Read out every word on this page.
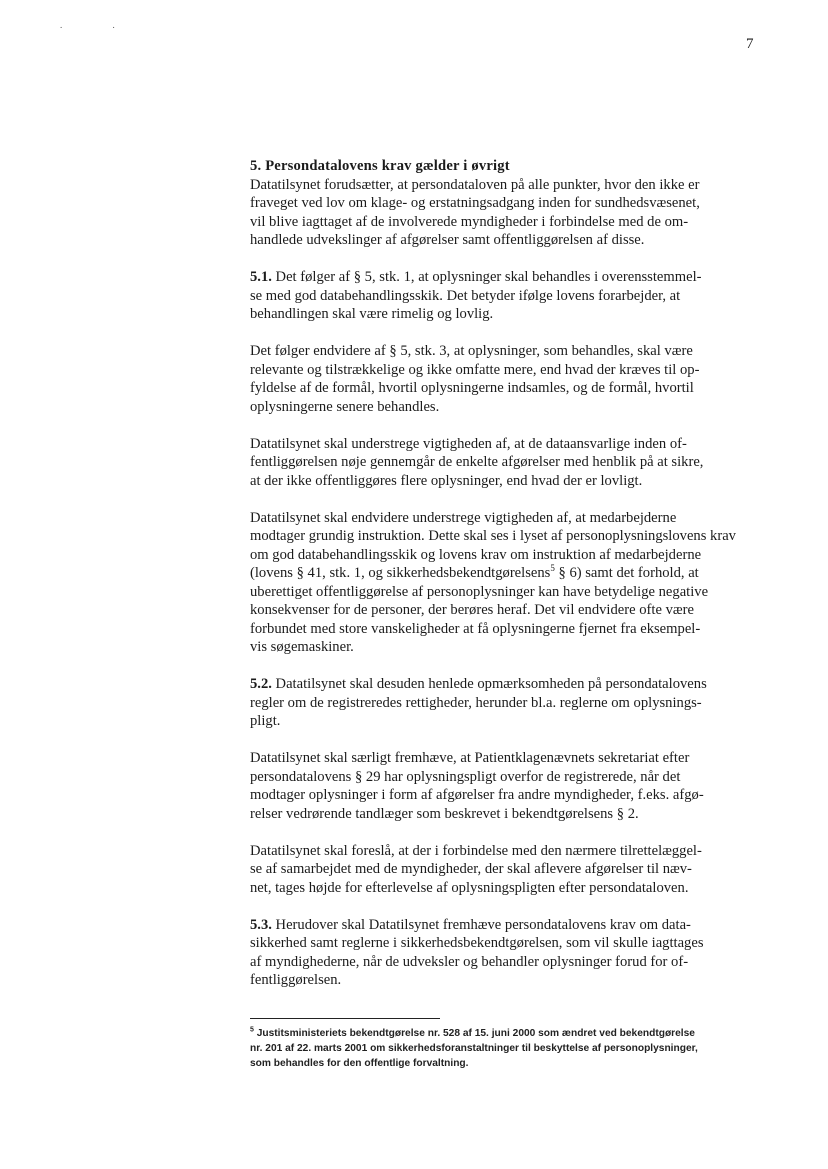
. .
7
5. Persondatalovens krav gælder i øvrigt
Datatilsynet forudsætter, at persondataloven på alle punkter, hvor den ikke er
fraveget ved lov om klage- og erstatningsadgang inden for sundhedsvæsenet,
vil blive iagttaget af de involverede myndigheder i forbindelse med de om-
handlede udvekslinger af afgørelser samt offentliggørelsen af disse.
5.1. Det følger af § 5, stk. 1, at oplysninger skal behandles i overensstemmel-
se med god databehandlingsskik. Det betyder ifølge lovens forarbejder, at
behandlingen skal være rimelig og lovlig.
Det følger endvidere af § 5, stk. 3, at oplysninger, som behandles, skal være
relevante og tilstrækkelige og ikke omfatte mere, end hvad der kræves til op-
fyldelse af de formål, hvortil oplysningerne indsamles, og de formål, hvortil
oplysningerne senere behandles.
Datatilsynet skal understrege vigtigheden af, at de dataansvarlige inden of-
fentliggørelsen nøje gennemgår de enkelte afgørelser med henblik på at sikre,
at der ikke offentliggøres flere oplysninger, end hvad der er lovligt.
Datatilsynet skal endvidere understrege vigtigheden af, at medarbejderne
modtager grundig instruktion. Dette skal ses i lyset af personoplysningslovens krav
om god databehandlingsskik og lovens krav om instruktion af medarbejderne
(lovens § 41, stk. 1, og sikkerhedsbekendtgørelsens$^5$ § 6) samt det forhold, at
uberettiget offentliggørelse af personoplysninger kan have betydelige negative
konsekvenser for de personer, der berøres heraf. Det vil endvidere ofte være
forbundet med store vanskeligheder at få oplysningerne fjernet fra eksempel-
vis søgemaskiner.
5.2. Datatilsynet skal desuden henlede opmærksomheden på persondatalovens
regler om de registreredes rettigheder, herunder bl.a. reglerne om oplysnings-
pligt.
Datatilsynet skal særligt fremhæve, at Patientklagenævnets sekretariat efter
persondatalovens § 29 har oplysningspligt overfor de registrerede, når det
modtager oplysninger i form af afgørelser fra andre myndigheder, f.eks. afgø-
relser vedrørende tandlæger som beskrevet i bekendtgørelsens § 2.
Datatilsynet skal foreslå, at der i forbindelse med den nærmere tilrettelæggel-
se af samarbejdet med de myndigheder, der skal aflevere afgørelser til næv-
net, tages højde for efterlevelse af oplysningspligten efter persondataloven.
5.3. Herudover skal Datatilsynet fremhæve persondatalovens krav om data-
sikkerhed samt reglerne i sikkerhedsbekendtgørelsen, som vil skulle iagttages
af myndighederne, når de udveksler og behandler oplysninger forud for of-
fentliggørelsen.
$^5$ Justitsministeriets bekendtgørelse nr. 528 af 15. juni 2000 som ændret ved bekendtgørelse
nr. 201 af 22. marts 2001 om sikkerhedsforanstaltninger til beskyttelse af personoplysninger,
som behandles for den offentlige forvaltning.
